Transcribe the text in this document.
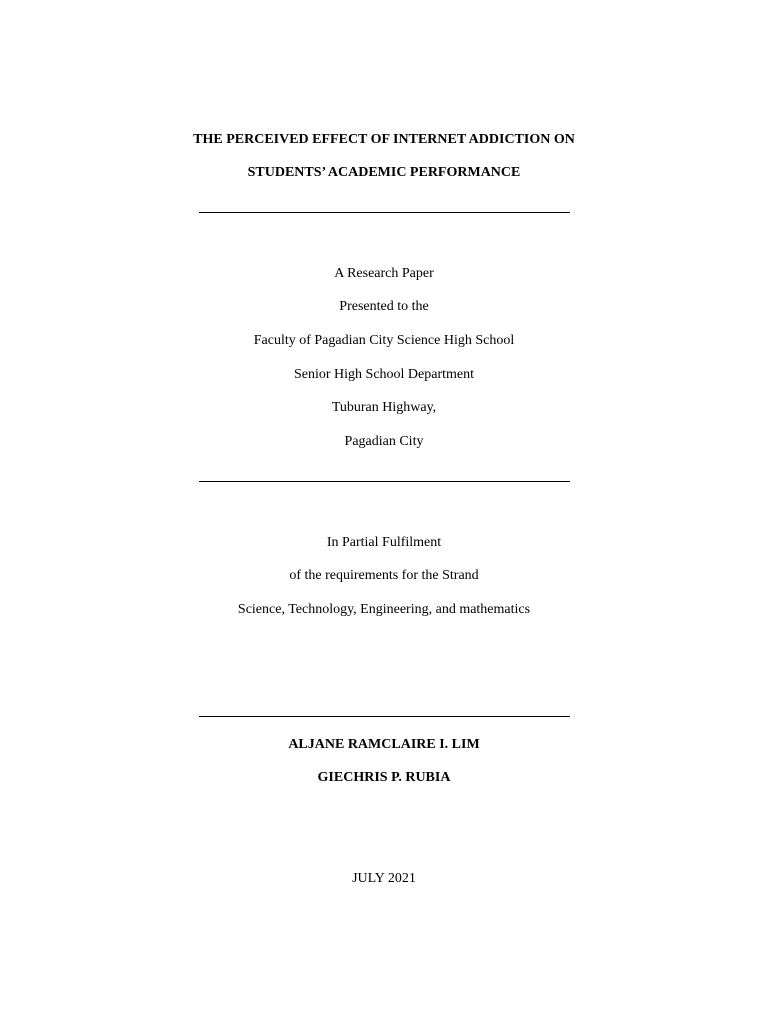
THE PERCEIVED EFFECT OF INTERNET ADDICTION ON
STUDENTS’ ACADEMIC PERFORMANCE
A Research Paper
Presented to the
Faculty of Pagadian City Science High School
Senior High School Department
Tuburan Highway,
Pagadian City
In Partial Fulfilment
of the requirements for the Strand
Science, Technology, Engineering, and mathematics
ALJANE RAMCLAIRE I. LIM
GIECHRIS P. RUBIA
JULY 2021
